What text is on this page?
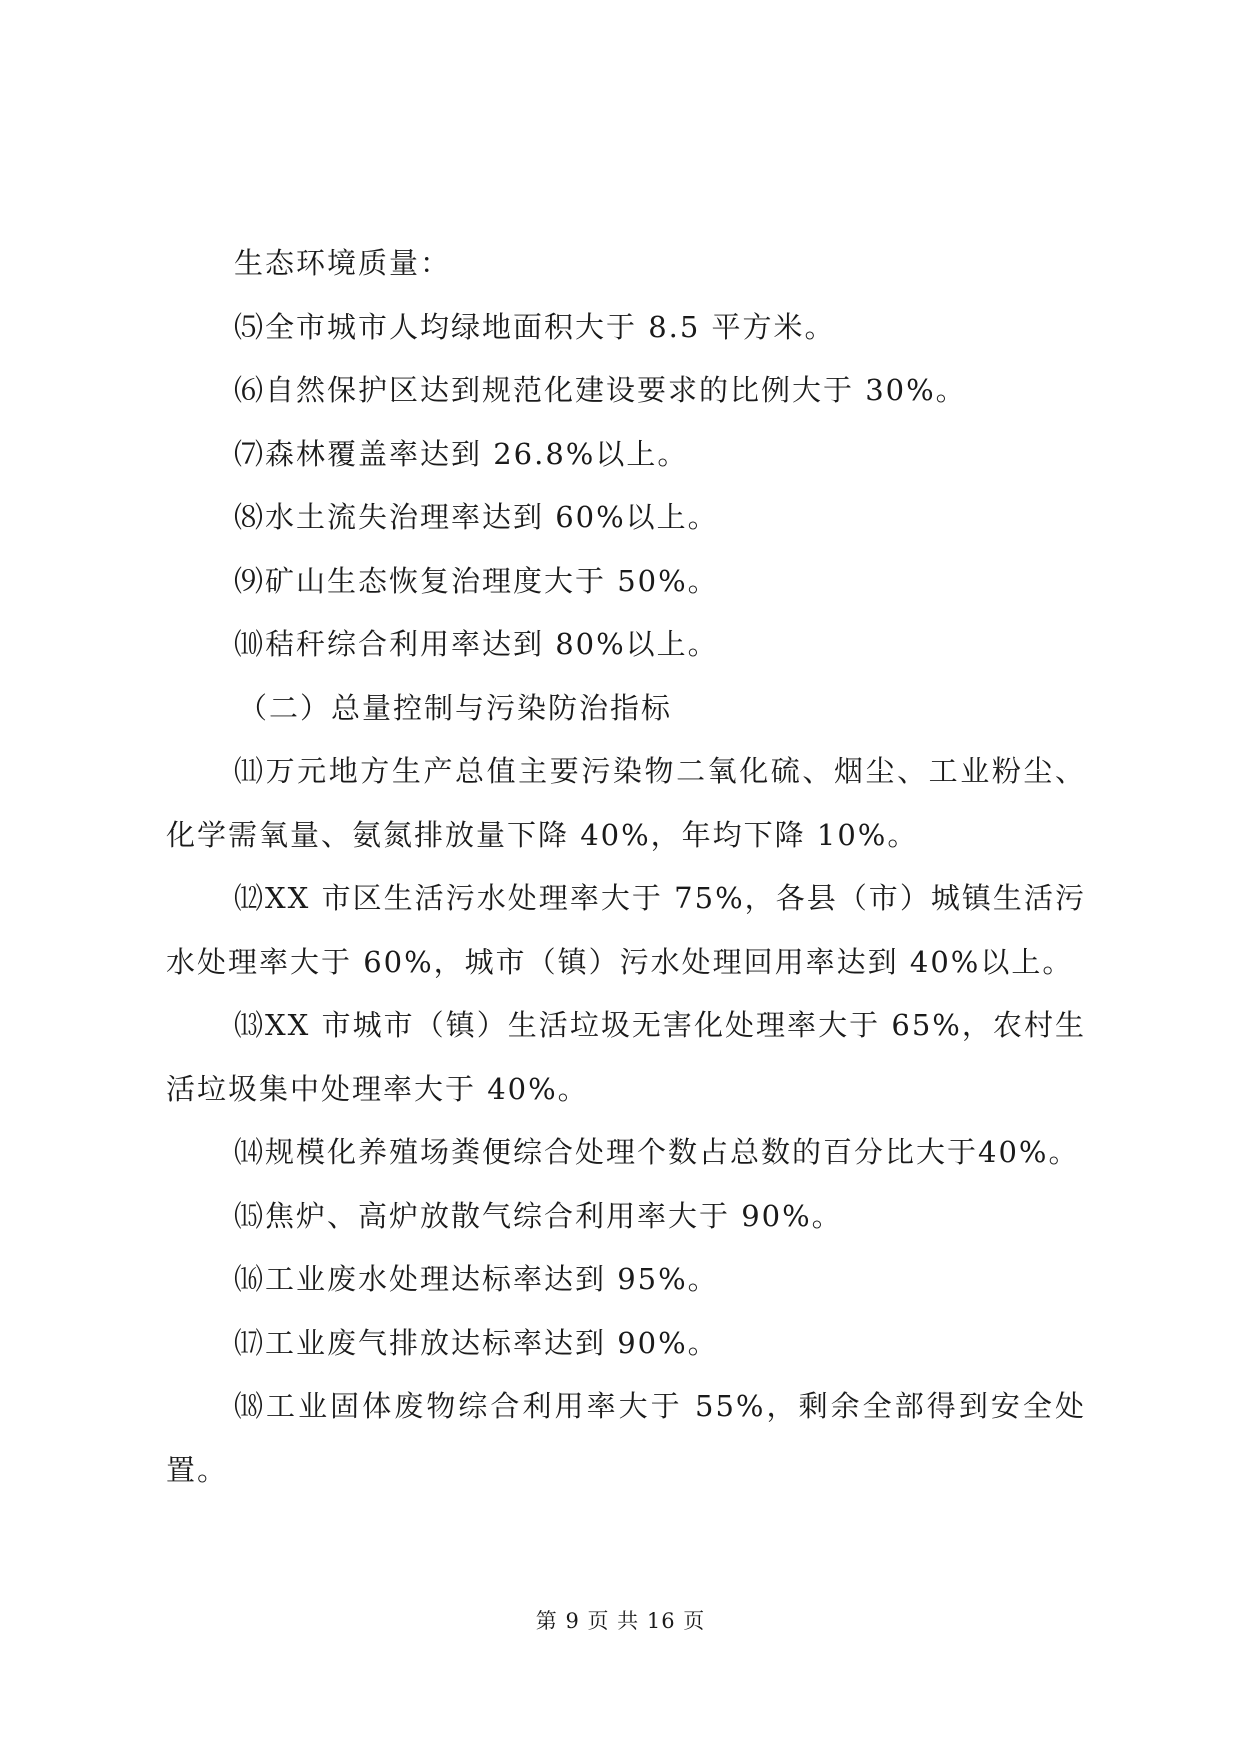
生态环境质量：

⑸全市城市人均绿地面积大于 8.5 平方米。

⑹自然保护区达到规范化建设要求的比例大于 30%。

⑺森林覆盖率达到 26.8%以上。

⑻水土流失治理率达到 60%以上。

⑼矿山生态恢复治理度大于 50%。

⑽秸秆综合利用率达到 80%以上。

（二）总量控制与污染防治指标

⑾万元地方生产总值主要污染物二氧化硫、烟尘、工业粉尘、化学需氧量、氨氮排放量下降 40%，年均下降 10%。

⑿XX 市区生活污水处理率大于 75%，各县（市）城镇生活污水处理率大于 60%，城市（镇）污水处理回用率达到 40%以上。

⒀XX 市城市（镇）生活垃圾无害化处理率大于 65%，农村生活垃圾集中处理率大于 40%。

⒁规模化养殖场粪便综合处理个数占总数的百分比大于40%。

⒂焦炉、高炉放散气综合利用率大于 90%。

⒃工业废水处理达标率达到 95%。

⒄工业废气排放达标率达到 90%。

⒅工业固体废物综合利用率大于 55%，剩余全部得到安全处置。

第 9 页 共 16 页
